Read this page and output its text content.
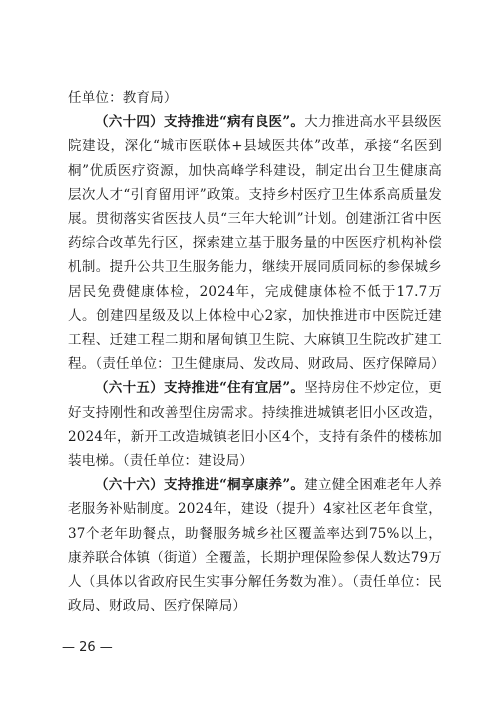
任单位：教育局）

（六十四）支持推进“病有良医”。大力推进高水平县级医院建设，深化“城市医联体+县域医共体”改革，承接“名医到桐”优质医疗资源，加快高峰学科建设，制定出台卫生健康高层次人才“引育留用评”政策。支持乡村医疗卫生体系高质量发展。贯彻落实省医技人员“三年大轮训”计划。创建浙江省中医药综合改革先行区，探索建立基于服务量的中医医疗机构补偿机制。提升公共卫生服务能力，继续开展同质同标的参保城乡居民免费健康体检，2024年，完成健康体检不低于17.7万人。创建四星级及以上体检中心2家，加快推进市中医院迁建工程、迁建工程二期和屠甸镇卫生院、大麻镇卫生院改扩建工程。（责任单位：卫生健康局、发改局、财政局、医疗保障局）

（六十五）支持推进“住有宜居”。坚持房住不炒定位，更好支持刚性和改善型住房需求。持续推进城镇老旧小区改造，2024年，新开工改造城镇老旧小区4个，支持有条件的楼栋加装电梯。（责任单位：建设局）

（六十六）支持推进“桐享康养”。建立健全困难老年人养老服务补贴制度。2024年，建设（提升）4家社区老年食堂，37个老年助餐点，助餐服务城乡社区覆盖率达到75%以上，康养联合体镇（街道）全覆盖，长期护理保险参保人数达79万人（具体以省政府民生实事分解任务数为准）。（责任单位：民政局、财政局、医疗保障局）

— 26 —
